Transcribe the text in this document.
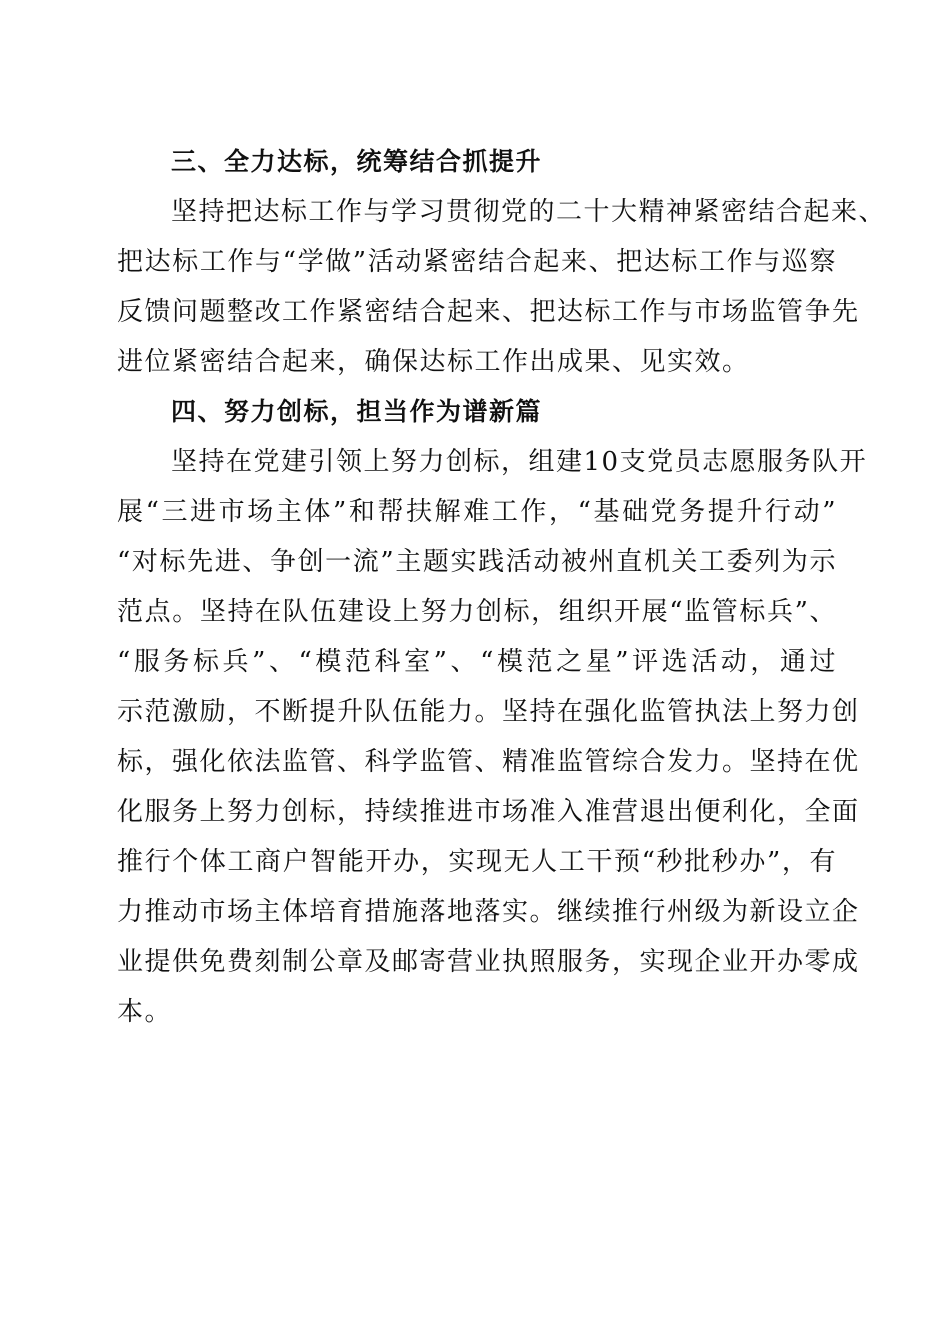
三、全力达标，统筹结合抓提升
坚持把达标工作与学习贯彻党的二十大精神紧密结合起来、
把达标工作与“学做”活动紧密结合起来、把达标工作与巡察
反馈问题整改工作紧密结合起来、把达标工作与市场监管争先
进位紧密结合起来，确保达标工作出成果、见实效。
四、努力创标，担当作为谱新篇
坚持在党建引领上努力创标，组建10支党员志愿服务队开
展“三进市场主体”和帮扶解难工作，“基础党务提升行动”
“对标先进、争创一流”主题实践活动被州直机关工委列为示
范点。坚持在队伍建设上努力创标，组织开展“监管标兵”、
“服务标兵”、“模范科室”、“模范之星”评选活动，通过
示范激励，不断提升队伍能力。坚持在强化监管执法上努力创
标，强化依法监管、科学监管、精准监管综合发力。坚持在优
化服务上努力创标，持续推进市场准入准营退出便利化，全面
推行个体工商户智能开办，实现无人工干预“秒批秒办”，有
力推动市场主体培育措施落地落实。继续推行州级为新设立企
业提供免费刻制公章及邮寄营业执照服务，实现企业开办零成
本。
